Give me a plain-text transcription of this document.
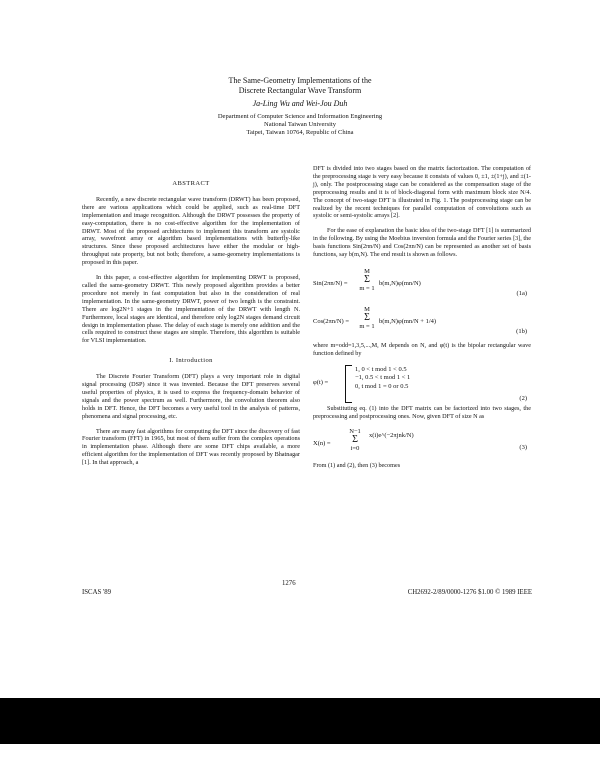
The Same-Geometry Implementations of the
Discrete Rectangular Wave Transform
Ja-Ling Wu and Wei-Jou Duh
Department of Computer Science and Information Engineering
National Taiwan University
Taipei, Taiwan 10764, Republic of China
ABSTRACT

Recently, a new discrete rectangular wave transform (DRWT) has been proposed, there are various applications which could be applied, such as real-time DFT implementation and image recognition. Although the DRWT possesses the property of easy-computation, there is no cost-effective algorithm for the implementation of DRWT. Most of the proposed architectures to implement this transform are systolic array, wavefront array or algorithm based implementations with butterfly-like structures. Since these proposed architectures have either the modular or high-throughput rate property, but not both; therefore, a same-geometry implementations is proposed in this paper.

In this paper, a cost-effective algorithm for implementing DRWT is proposed, called the same-geometry DRWT. This newly proposed algorithm provides a better procedure not merely in fast computation but also in the consideration of real implementation. In the same-geometry DRWT, power of two length is the constraint. There are log2N+1 stages in the implementation of the DRWT with length N. Furthermore, local stages are identical, and therefore only log2N stages demand circuit design in implementation phase. The delay of each stage is merely one addition and the cells required to construct these stages are simple. Therefore, this algorithm is suitable for VLSI implementation.

I. Introduction

The Discrete Fourier Transform (DFT) plays a very important role in digital signal processing (DSP) since it was invented. Because the DFT preserves several useful properties of physics, it is used to express the frequency-domain behavior of signals and the power spectrum as well. Furthermore, the convolution theorem also holds in DFT. Hence, the DFT becomes a very useful tool in the analysis of patterns, phenomena and signal processing, etc.

There are many fast algorithms for computing the DFT since the discovery of fast Fourier transform (FFT) in 1965, but most of them suffer from the complex operations in implementation phase. Although there are some DFT chips available, a more efficient algorithm for the implementation of DFT was recently proposed by Bhatnagar [1]. In that approach, a

DFT is divided into two stages based on the matrix factorization. The computation of the preprocessing stage is very easy because it consists of values 0, ±1, ±(1+j), and ±(1-j), only. The postprocessing stage can be considered as the compensation stage of the preprocessing results and it is of block-diagonal form with maximum block size N/4. The concept of two-stage DFT is illustrated in Fig. 1. The postprocessing stage can be realized by the recent techniques for parallel computation of convolutions such as systolic or semi-systolic arrays [2].

For the ease of explanation the basic idea of the two-stage DFT [1] is summarized in the following. By using the Moebius inversion formula and the Fourier series [3], the basis functions Sin(2πn/N) and Cos(2πn/N) can be represented as another set of basis functions, say b(m,N). The end result is shown as follows.

Sin(2πn/N) =
M
Σ
m = 1
b(m,N)φ(mn/N)
(1a)
Cos(2πn/N) =
M
Σ
m = 1
b(m,N)φ(mn/N + 1/4)
(1b)

where m=odd=1,3,5,...,M, M depends on N, and φ(t) is the bipolar rectangular wave function defined by

φ(t) =
1, 0 < t mod 1 < 0.5
−1, 0.5 < t mod 1 < 1
0, t mod 1 = 0 or 0.5
(2)

Substituting eq. (1) into the DFT matrix can be factorized into two stages, the preprocessing and postprocessing ones. Now, given DFT of size N as

X(n) =
N−1
Σ
i=0
x(i)e^(−2πjnk/N)
(3)

From (1) and (2), then (3) becomes

ISCAS '89
1276
CH2692-2/89/0000-1276 $1.00 © 1989 IEEE
